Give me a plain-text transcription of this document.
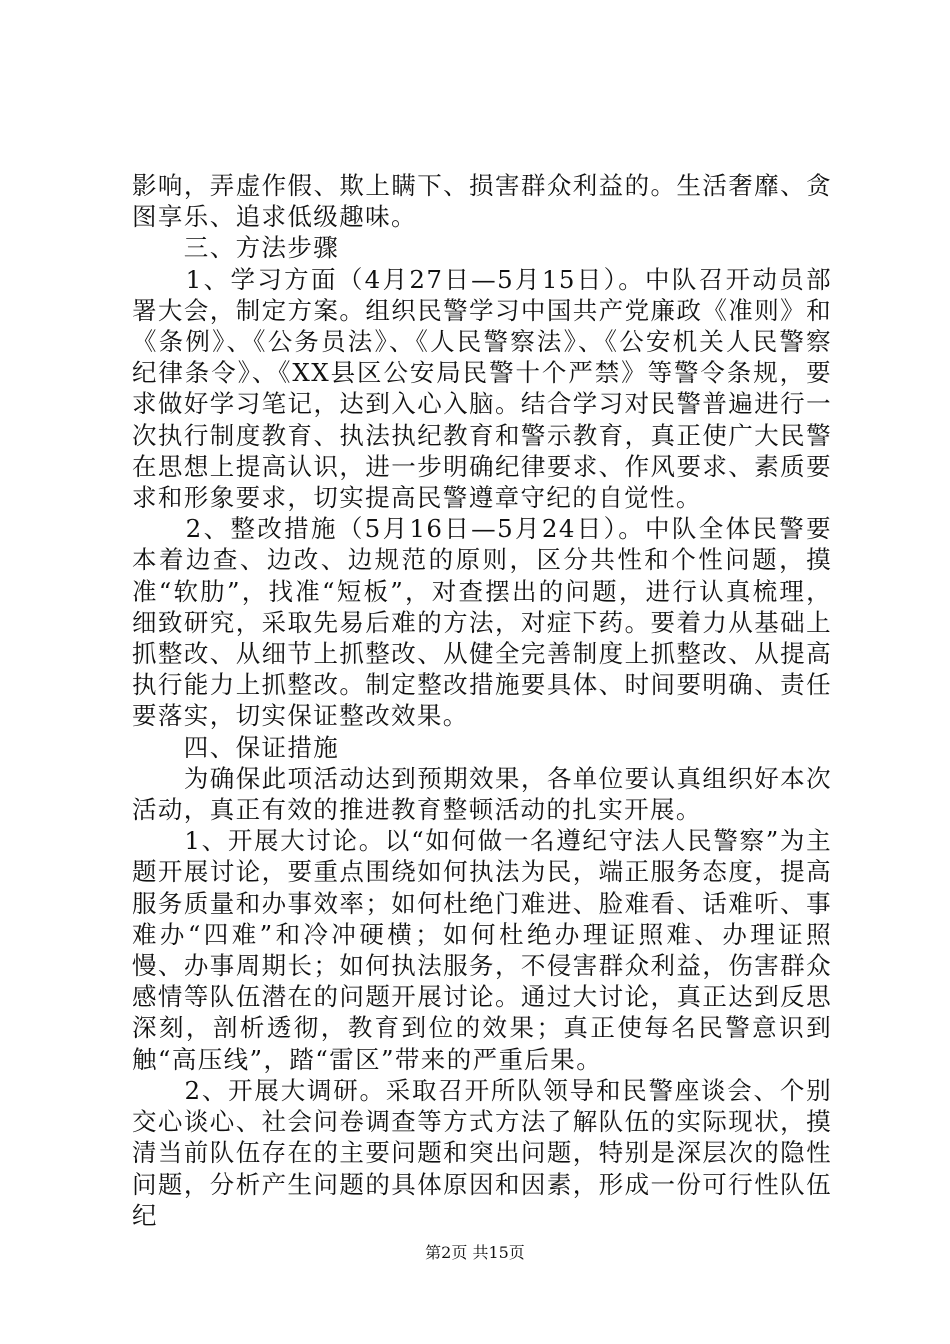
影响，弄虚作假、欺上瞒下、损害群众利益的。生活奢靡、贪图享乐、追求低级趣味。

　　三、方法步骤

　　1、学习方面（4月27日—5月15日）。中队召开动员部署大会，制定方案。组织民警学习中国共产党廉政《准则》和《条例》、《公务员法》、《人民警察法》、《公安机关人民警察纪律条令》、《XX县区公安局民警十个严禁》等警令条规，要求做好学习笔记，达到入心入脑。结合学习对民警普遍进行一次执行制度教育、执法执纪教育和警示教育，真正使广大民警在思想上提高认识，进一步明确纪律要求、作风要求、素质要求和形象要求，切实提高民警遵章守纪的自觉性。

　　2、整改措施（5月16日—5月24日）。中队全体民警要本着边查、边改、边规范的原则，区分共性和个性问题，摸准“软肋”，找准“短板”，对查摆出的问题，进行认真梳理，细致研究，采取先易后难的方法，对症下药。要着力从基础上抓整改、从细节上抓整改、从健全完善制度上抓整改、从提高执行能力上抓整改。制定整改措施要具体、时间要明确、责任要落实，切实保证整改效果。

　　四、保证措施

　　为确保此项活动达到预期效果，各单位要认真组织好本次活动，真正有效的推进教育整顿活动的扎实开展。

　　1、开展大讨论。以“如何做一名遵纪守法人民警察”为主题开展讨论，要重点围绕如何执法为民，端正服务态度，提高服务质量和办事效率；如何杜绝门难进、脸难看、话难听、事难办“四难”和冷冲硬横；如何杜绝办理证照难、办理证照慢、办事周期长；如何执法服务，不侵害群众利益，伤害群众感情等队伍潜在的问题开展讨论。通过大讨论，真正达到反思深刻，剖析透彻，教育到位的效果；真正使每名民警意识到触“高压线”，踏“雷区”带来的严重后果。

　　2、开展大调研。采取召开所队领导和民警座谈会、个别交心谈心、社会问卷调查等方式方法了解队伍的实际现状，摸清当前队伍存在的主要问题和突出问题，特别是深层次的隐性问题，分析产生问题的具体原因和因素，形成一份可行性队伍纪

第2页 共15页
